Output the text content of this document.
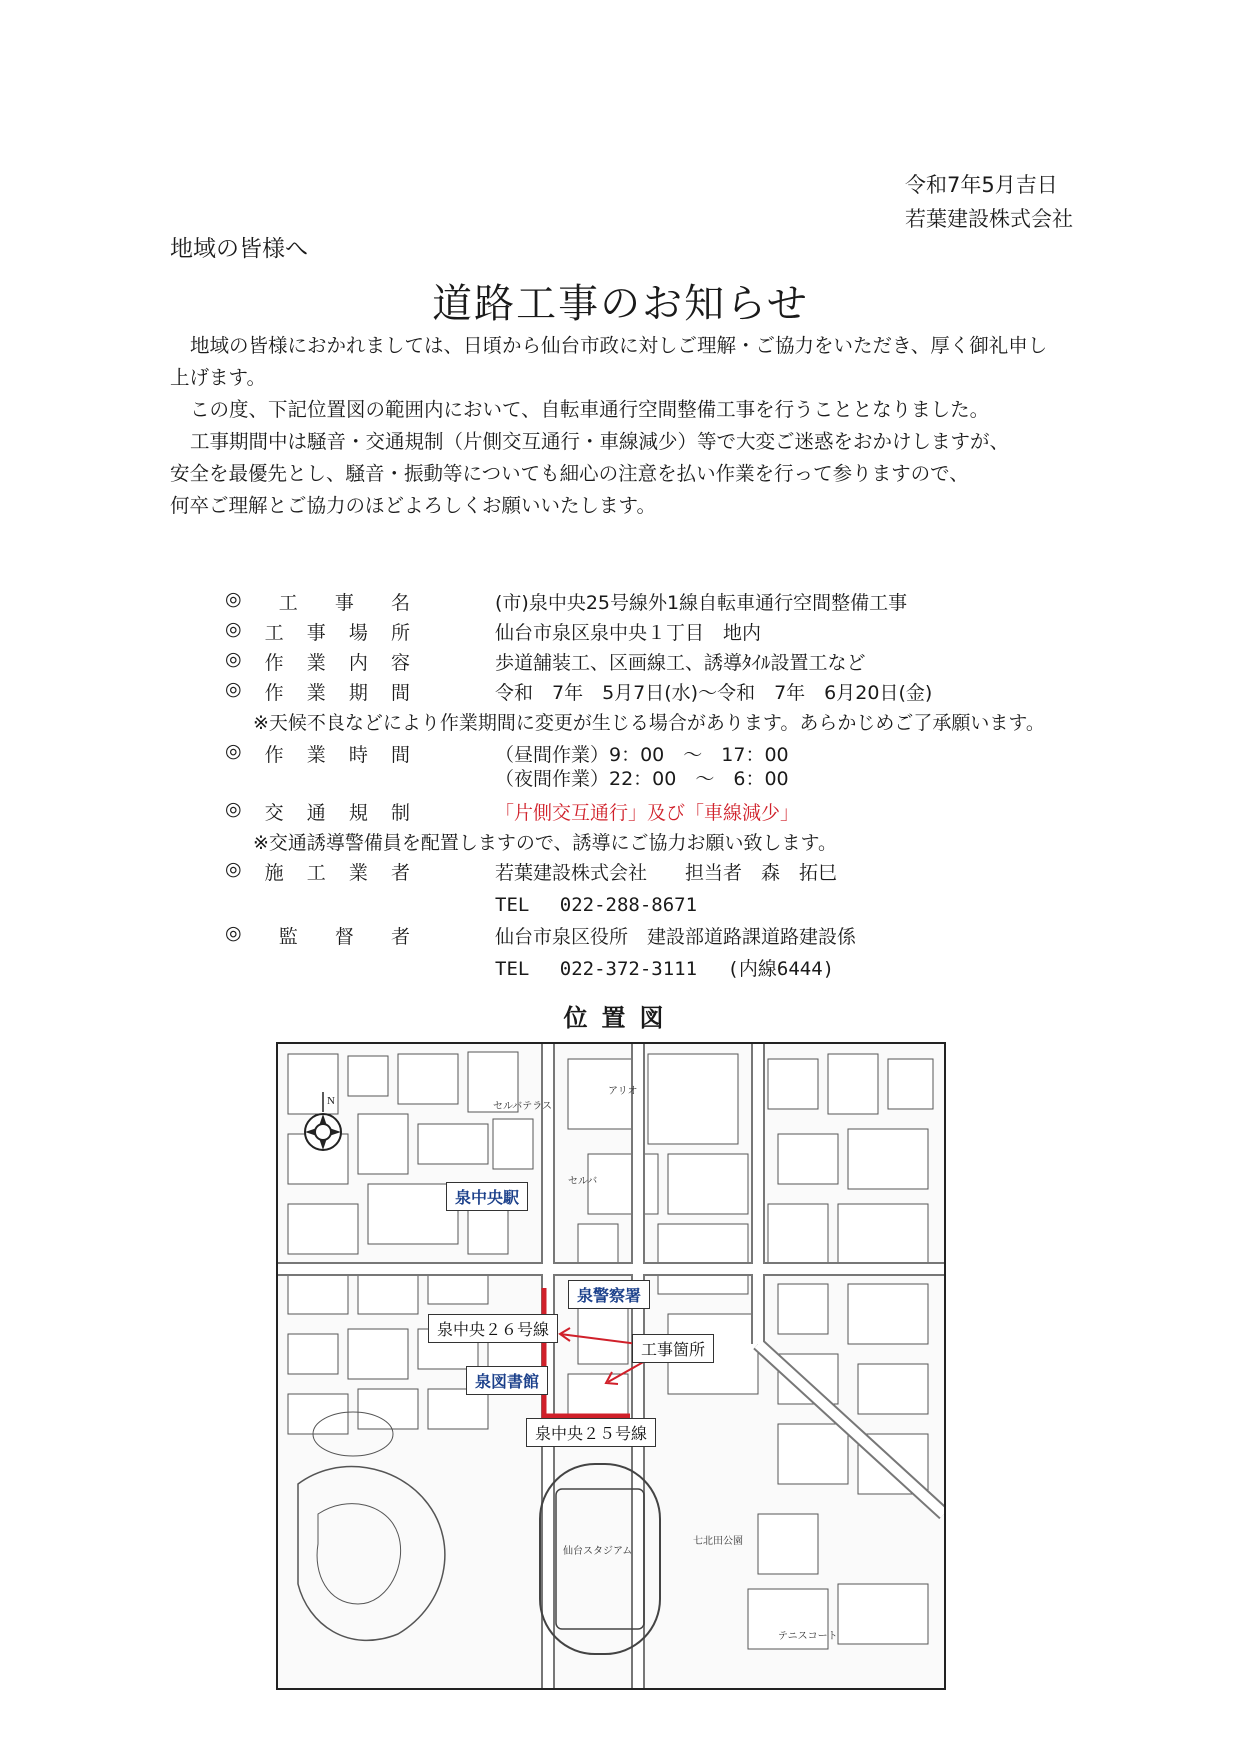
令和7年5月吉日
若葉建設株式会社
地域の皆様へ
道路工事のお知らせ

地域の皆様におかれましては、日頃から仙台市政に対しご理解・ご協力をいただき、厚く御礼申し

上げます。

この度、下記位置図の範囲内において、自転車通行空間整備工事を行うこととなりました。

工事期間中は騒音・交通規制（片側交互通行・車線減少）等で大変ご迷惑をおかけしますが、

安全を最優先とし、騒音・振動等についても細心の注意を払い作業を行って参りますので、

何卒ご理解とご協力のほどよろしくお願いいたします。

◎ 工 事 名	(市)泉中央25号線外1線自転車通行空間整備工事
◎ 工 事 場 所	仙台市泉区泉中央１丁目　地内
◎ 作 業 内 容	歩道舗装工、区画線工、誘導ﾀｲﾙ設置工など
◎ 作 業 期 間	令和　7年　5月7日(水)～令和　7年　6月20日(金)
※天候不良などにより作業期間に変更が生じる場合があります。あらかじめご了承願います。
◎ 作 業 時 間	（昼間作業）9：00　～　17：00
（夜間作業）22：00　～　6：00
◎ 交 通 規 制	「片側交互通行」及び「車線減少」
※交通誘導警備員を配置しますので、誘導にご協力お願い致します。
◎ 施 工 業 者	若葉建設株式会社　　担当者　森　拓巳
TEL　 022-288-8671
◎ 監 督 者	仙台市泉区役所　建設部道路課道路建設係
TEL　 022-372-3111　 (内線6444)
位置図
N
アリオ
セルバ
セルバテラス
仙台スタジアム
七北田公園
テニスコート
泉中央駅
泉警察署
泉中央２６号線
泉図書館
工事箇所
泉中央２５号線
